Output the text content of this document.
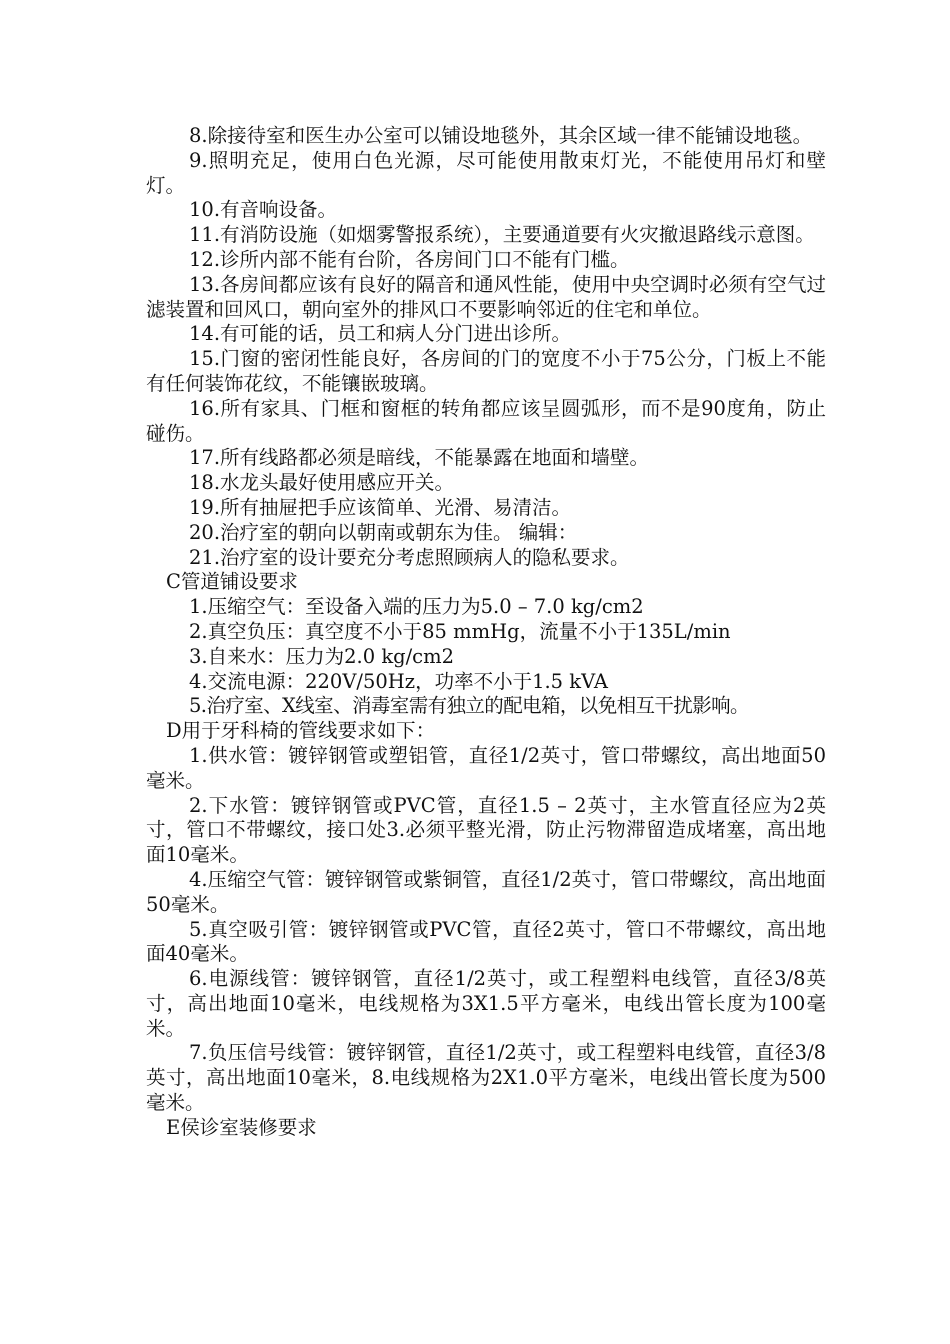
8.除接待室和医生办公室可以铺设地毯外，其余区域一律不能铺设地毯。

9.照明充足，使用白色光源，尽可能使用散束灯光，不能使用吊灯和壁灯。

10.有音响设备。

11.有消防设施（如烟雾警报系统），主要通道要有火灾撤退路线示意图。

12.诊所内部不能有台阶，各房间门口不能有门槛。

13.各房间都应该有良好的隔音和通风性能，使用中央空调时必须有空气过滤装置和回风口，朝向室外的排风口不要影响邻近的住宅和单位。

14.有可能的话，员工和病人分门进出诊所。

15.门窗的密闭性能良好，各房间的门的宽度不小于75公分，门板上不能有任何装饰花纹，不能镶嵌玻璃。

16.所有家具、门框和窗框的转角都应该呈圆弧形，而不是90度角，防止碰伤。

17.所有线路都必须是暗线，不能暴露在地面和墙壁。

18.水龙头最好使用感应开关。

19.所有抽屉把手应该简单、光滑、易清洁。

20.治疗室的朝向以朝南或朝东为佳。 编辑：

21.治疗室的设计要充分考虑照顾病人的隐私要求。

C管道铺设要求

1.压缩空气：至设备入端的压力为5.0 – 7.0 kg/cm2

2.真空负压：真空度不小于85 mmHg，流量不小于135L/min

3.自来水：压力为2.0 kg/cm2

4.交流电源：220V/50Hz，功率不小于1.5 kVA

5.治疗室、X线室、消毒室需有独立的配电箱，以免相互干扰影响。

D用于牙科椅的管线要求如下：

1.供水管：镀锌钢管或塑铝管，直径1/2英寸，管口带螺纹，高出地面50毫米。

2.下水管：镀锌钢管或PVC管，直径1.5 – 2英寸，主水管直径应为2英寸，管口不带螺纹，接口处3.必须平整光滑，防止污物滞留造成堵塞，高出地面10毫米。

4.压缩空气管：镀锌钢管或紫铜管，直径1/2英寸，管口带螺纹，高出地面50毫米。

5.真空吸引管：镀锌钢管或PVC管，直径2英寸，管口不带螺纹，高出地面40毫米。

6.电源线管：镀锌钢管，直径1/2英寸，或工程塑料电线管，直径3/8英寸，高出地面10毫米，电线规格为3X1.5平方毫米，电线出管长度为100毫米。

7.负压信号线管：镀锌钢管，直径1/2英寸，或工程塑料电线管，直径3/8英寸，高出地面10毫米，8.电线规格为2X1.0平方毫米，电线出管长度为500毫米。

E侯诊室装修要求
